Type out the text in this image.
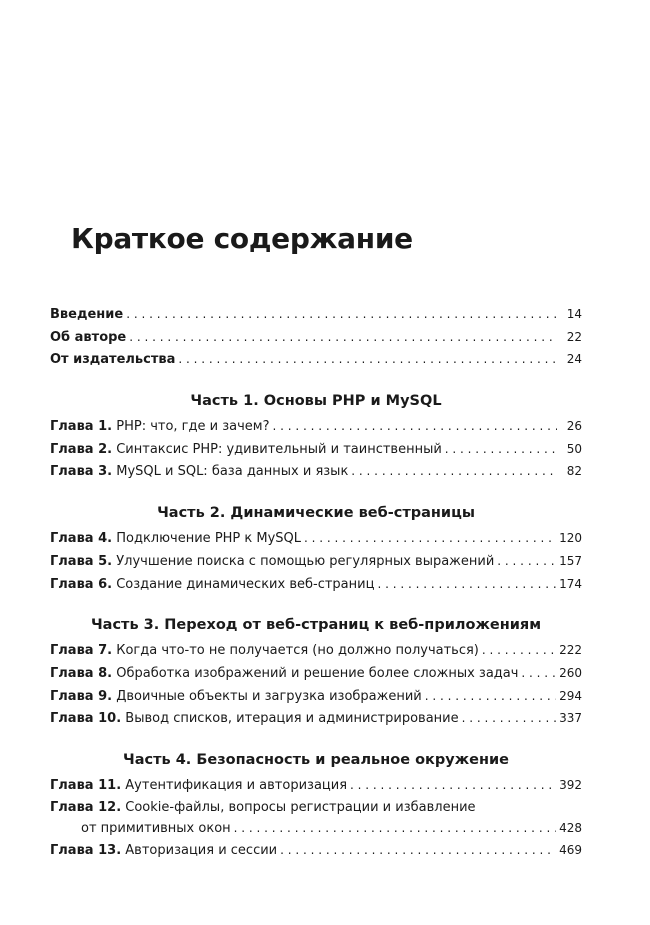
Краткое содержание
Введение . . .	14
Об авторе . . .	22
От издательства . . .	24
Часть 1. Основы PHP и MySQL
Глава 1. PHP: что, где и зачем? . . .	26
Глава 2. Синтаксис PHP: удивительный и таинственный . . .	50
Глава 3. MySQL и SQL: база данных и язык . . .	82
Часть 2. Динамические веб-страницы
Глава 4. Подключение PHP к MySQL . . .	120
Глава 5. Улучшение поиска с помощью регулярных выражений . . .	157
Глава 6. Создание динамических веб-страниц . . .	174
Часть 3. Переход от веб-страниц к веб-приложениям
Глава 7. Когда что-то не получается (но должно получаться) . . .	222
Глава 8. Обработка изображений и решение более сложных задач . . .	260
Глава 9. Двоичные объекты и загрузка изображений . . .	294
Глава 10. Вывод списков, итерация и администрирование . . .	337
Часть 4. Безопасность и реальное окружение
Глава 11. Аутентификация и авторизация . . .	392
Глава 12. Cookie-файлы, вопросы регистрации и избавление
от примитивных окон . . .	428
Глава 13. Авторизация и сессии . . .	469
